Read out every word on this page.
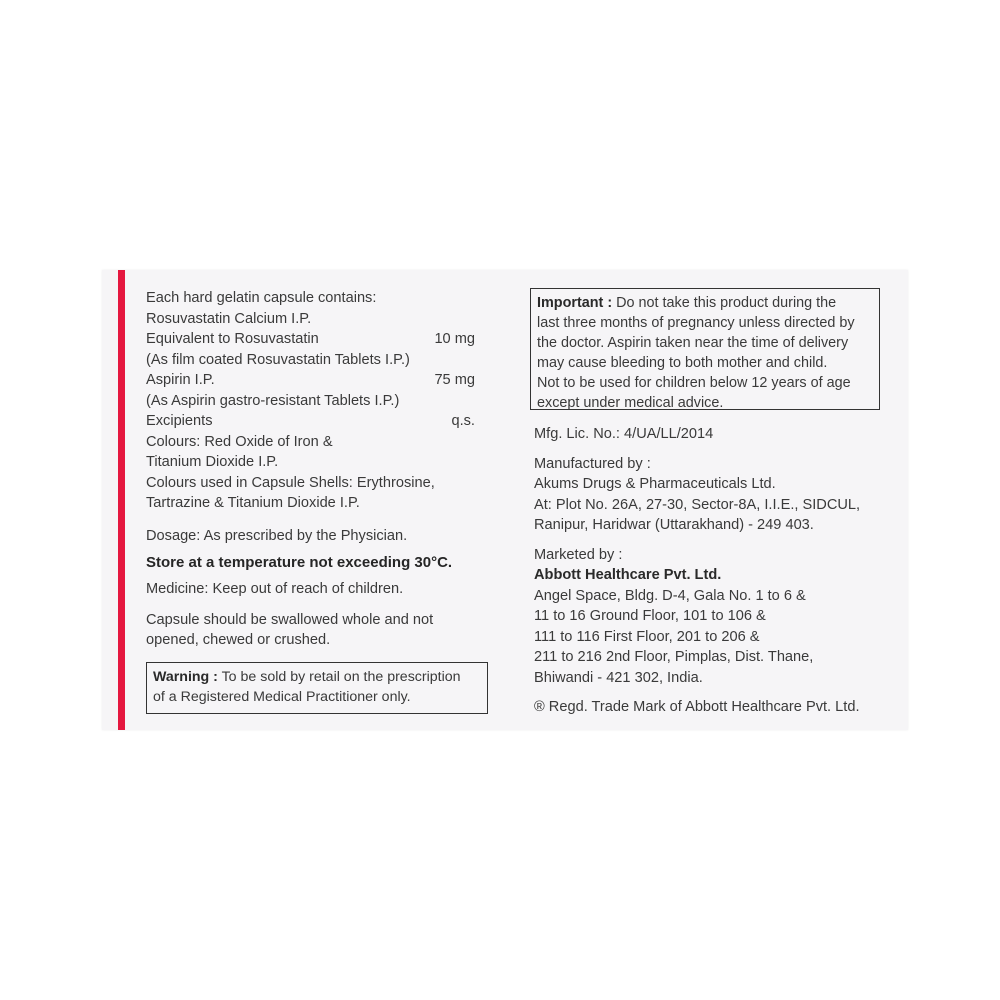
Each hard gelatin capsule contains:
Rosuvastatin Calcium I.P.
Equivalent to Rosuvastatin	10 mg
(As film coated Rosuvastatin Tablets I.P.)
Aspirin I.P.	75 mg
(As Aspirin gastro-resistant Tablets I.P.)
Excipients	q.s.
Colours: Red Oxide of Iron &
Titanium Dioxide I.P.
Colours used in Capsule Shells: Erythrosine,
Tartrazine & Titanium Dioxide I.P.
Dosage: As prescribed by the Physician.
Store at a temperature not exceeding 30°C.
Medicine: Keep out of reach of children.
Capsule should be swallowed whole and not
opened, chewed or crushed.
Warning : To be sold by retail on the prescription
of a Registered Medical Practitioner only.
Important : Do not take this product during the
last three months of pregnancy unless directed by
the doctor. Aspirin taken near the time of delivery
may cause bleeding to both mother and child.
Not to be used for children below 12 years of age
except under medical advice.
Mfg. Lic. No.: 4/UA/LL/2014
Manufactured by :
Akums Drugs & Pharmaceuticals Ltd.
At: Plot No. 26A, 27-30, Sector-8A, I.I.E., SIDCUL,
Ranipur, Haridwar (Uttarakhand) - 249 403.
Marketed by :
Abbott Healthcare Pvt. Ltd.
Angel Space, Bldg. D-4, Gala No. 1 to 6 &
11 to 16 Ground Floor, 101 to 106 &
111 to 116 First Floor, 201 to 206 &
211 to 216 2nd Floor, Pimplas, Dist. Thane,
Bhiwandi - 421 302, India.
® Regd. Trade Mark of Abbott Healthcare Pvt. Ltd.
